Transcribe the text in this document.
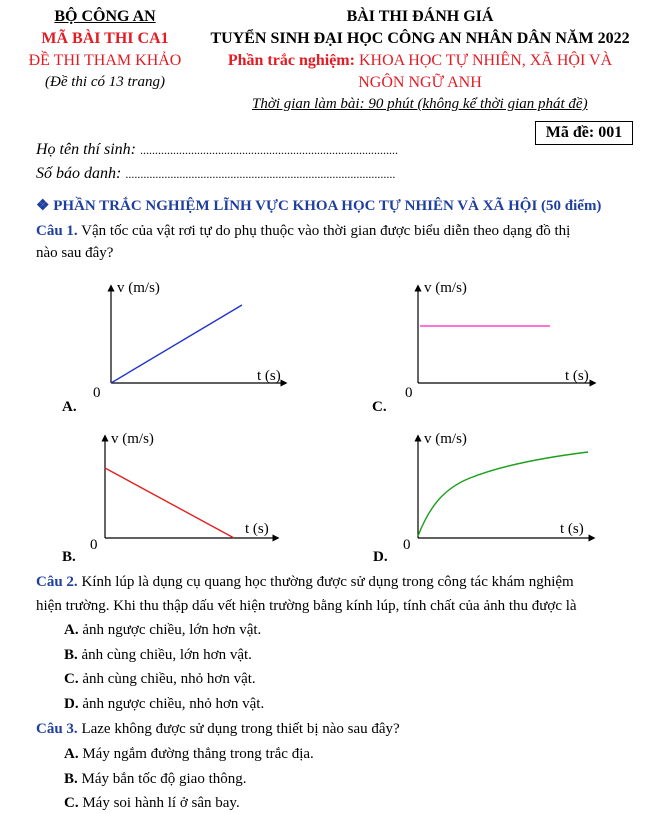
BỘ CÔNG AN
MÃ BÀI THI CA1
ĐỀ THI THAM KHẢO
(Đề thi có 13 trang)
BÀI THI ĐÁNH GIÁ
TUYỂN SINH ĐẠI HỌC CÔNG AN NHÂN DÂN NĂM 2022
Phần trắc nghiệm: KHOA HỌC TỰ NHIÊN, XÃ HỘI VÀ
NGÔN NGỮ ANH
Thời gian làm bài: 90 phút (không kể thời gian phát đề)
Mã đề: 001
Họ tên thí sinh: ......................................................................................
Số báo danh: ..........................................................................................
❖ PHẦN TRẮC NGHIỆM LĨNH VỰC KHOA HỌC TỰ NHIÊN VÀ XÃ HỘI (50 điểm)
Câu 1. Vận tốc của vật rơi tự do phụ thuộc vào thời gian được biểu diễn theo dạng đồ thị
nào sau đây?
v (m/s)
t (s)
0
A.
v (m/s)
t (s)
0
C.
v (m/s)
t (s)
0
B.
v (m/s)
t (s)
0
D.
Câu 2. Kính lúp là dụng cụ quang học thường được sử dụng trong công tác khám nghiệm
hiện trường. Khi thu thập dấu vết hiện trường bằng kính lúp, tính chất của ảnh thu được là
A. ảnh ngược chiều, lớn hơn vật.
B. ảnh cùng chiều, lớn hơn vật.
C. ảnh cùng chiều, nhỏ hơn vật.
D. ảnh ngược chiều, nhỏ hơn vật.
Câu 3. Laze không được sử dụng trong thiết bị nào sau đây?
A. Máy ngắm đường thẳng trong trắc địa.
B. Máy bắn tốc độ giao thông.
C. Máy soi hành lí ở sân bay.
